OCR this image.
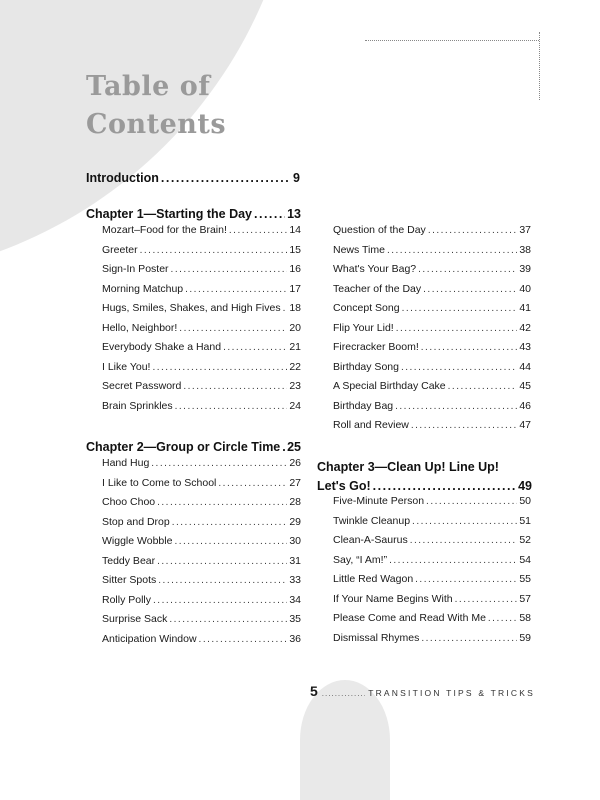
Table of
Contents
Introduction .....	9
Chapter 1—Starting the Day .....	13
Mozart–Food for the Brain! .....	14
Greeter .....	15
Sign-In Poster .....	16
Morning Matchup .....	17
Hugs, Smiles, Shakes, and High Fives ..... 18
Hello, Neighbor! .....	20
Everybody Shake a Hand .....	21
I Like You! .....	22
Secret Password .....	23
Brain Sprinkles .....	24
Chapter 2—Group or Circle Time ..... 25
Hand Hug .....	26
I Like to Come to School .....	27
Choo Choo .....	28
Stop and Drop .....	29
Wiggle Wobble .....	30
Teddy Bear .....	31
Sitter Spots .....	33
Rolly Polly .....	34
Surprise Sack .....	35
Anticipation Window .....	36
Question of the Day .....	37
News Time .....	38
What's Your Bag? .....	39
Teacher of the Day .....	40
Concept Song .....	41
Flip Your Lid! .....	42
Firecracker Boom! .....	43
Birthday Song .....	44
A Special Birthday Cake .....	45
Birthday Bag .....	46
Roll and Review .....	47
Chapter 3—Clean Up! Line Up!
Let's Go! .....	49
Five-Minute Person .....	50
Twinkle Cleanup .....	51
Clean-A-Saurus .....	52
Say, “I Am!” .....	54
Little Red Wagon .....	55
If Your Name Begins With .....	57
Please Come and Read With Me .....	58
Dismissal Rhymes .....	59
5 .....	TRANSITION TIPS & TRICKS
